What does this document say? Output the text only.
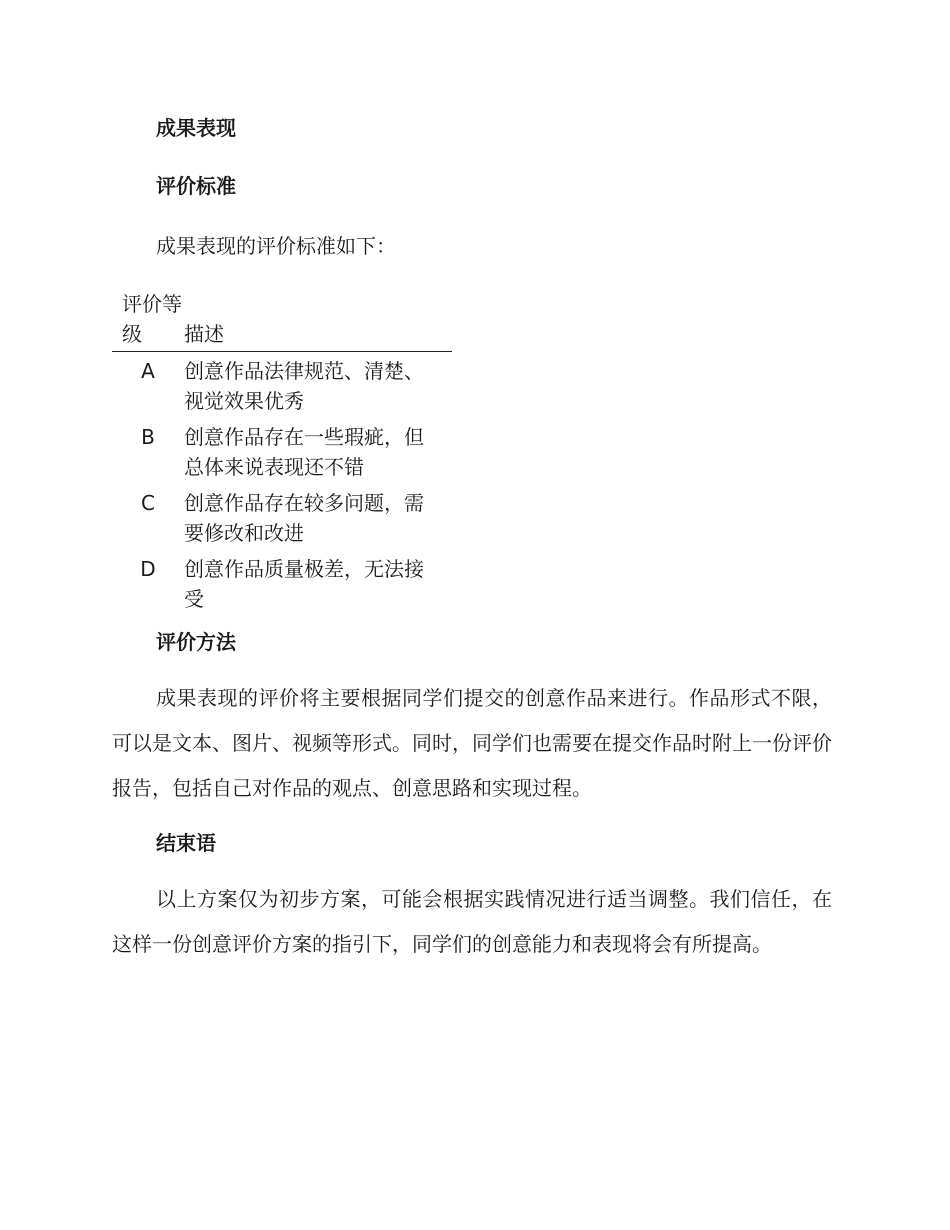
成果表现
评价标准

成果表现的评价标准如下：

评价等级	描述
A	创意作品法律规范、清楚、视觉效果优秀
B	创意作品存在一些瑕疵，但总体来说表现还不错
C	创意作品存在较多问题，需要修改和改进
D	创意作品质量极差，无法接受
评价方法

成果表现的评价将主要根据同学们提交的创意作品来进行。作品形式不限，可以是文本、图片、视频等形式。同时，同学们也需要在提交作品时附上一份评价报告，包括自己对作品的观点、创意思路和实现过程。

结束语

以上方案仅为初步方案，可能会根据实践情况进行适当调整。我们信任，在这样一份创意评价方案的指引下，同学们的创意能力和表现将会有所提高。
